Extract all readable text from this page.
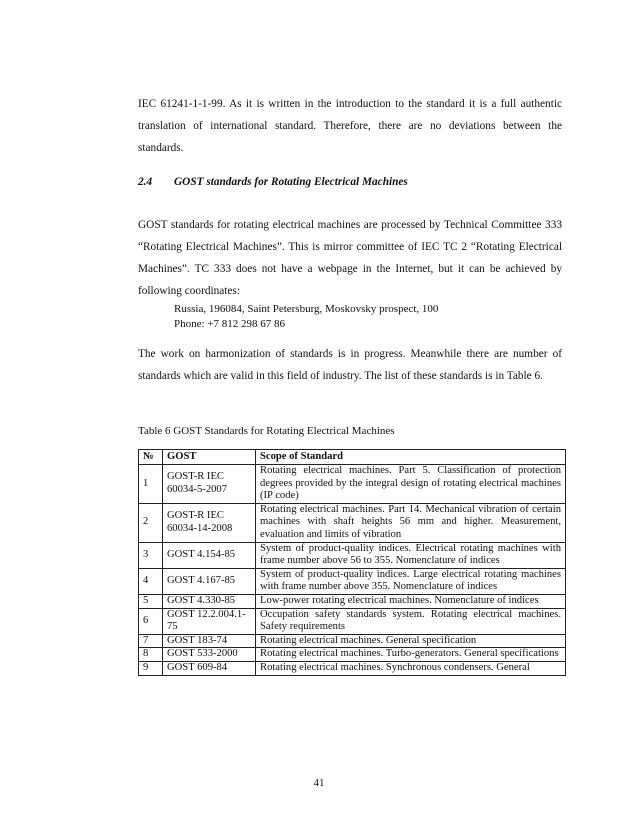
IEC 61241-1-1-99. As it is written in the introduction to the standard it is a full authentic translation of international standard. Therefore, there are no deviations between the standards.

2.4 GOST standards for Rotating Electrical Machines

GOST standards for rotating electrical machines are processed by Technical Committee 333 “Rotating Electrical Machines”. This is mirror committee of IEC TC 2 “Rotating Electrical Machines”. TC 333 does not have a webpage in the Internet, but it can be achieved by following coordinates:

Russia, 196084, Saint Petersburg, Moskovsky prospect, 100
Phone: +7 812 298 67 86

The work on harmonization of standards is in progress. Meanwhile there are number of standards which are valid in this field of industry. The list of these standards is in Table 6.

Table 6 GOST Standards for Rotating Electrical Machines
№	GOST	Scope of Standard
1	GOST-R IEC 60034-5-2007	Rotating electrical machines. Part 5. Classification of protection degrees provided by the integral design of rotating electrical machines (IP code)
2	GOST-R IEC 60034-14-2008	Rotating electrical machines. Part 14. Mechanical vibration of certain machines with shaft heights 56 mm and higher. Measurement, evaluation and limits of vibration
3	GOST 4.154-85	System of product-quality indices. Electrical rotating machines with frame number above 56 to 355. Nomenclature of indices
4	GOST 4.167-85	System of product-quality indices. Large electrical rotating machines with frame number above 355. Nomenclature of indices
5	GOST 4.330-85	Low-power rotating electrical machines. Nomenclature of indices
6	GOST 12.2.004.1-75	Occupation safety standards system. Rotating electrical machines. Safety requirements
7	GOST 183-74	Rotating electrical machines. General specification
8	GOST 533-2000	Rotating electrical machines. Turbo-generators. General specifications
9	GOST 609-84	Rotating electrical machines. Synchronous condensers. General
41
